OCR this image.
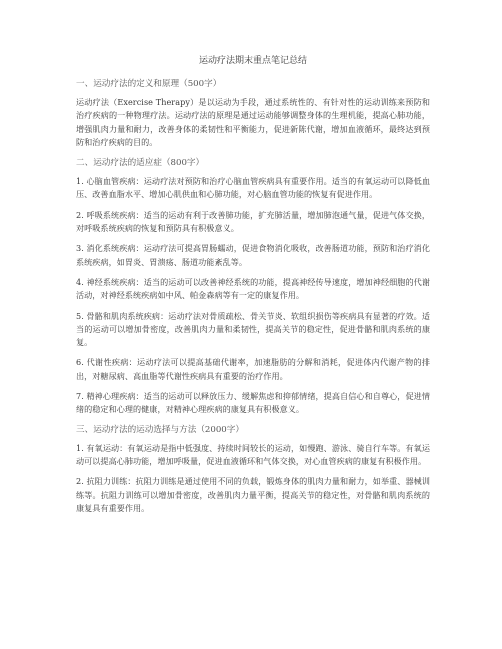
运动疗法期末重点笔记总结
一、运动疗法的定义和原理（500字）

运动疗法（Exercise Therapy）是以运动为手段，通过系统性的、有针对性的运动训练来预防和治疗疾病的一种物理疗法。运动疗法的原理是通过运动能够调整身体的生理机能，提高心肺功能，增强肌肉力量和耐力，改善身体的柔韧性和平衡能力，促进新陈代谢，增加血液循环，最终达到预防和治疗疾病的目的。

二、运动疗法的适应症（800字）

1. 心脑血管疾病：运动疗法对预防和治疗心脑血管疾病具有重要作用。适当的有氧运动可以降低血压、改善血脂水平、增加心肌供血和心肺功能，对心脑血管功能的恢复有促进作用。

2. 呼吸系统疾病：适当的运动有利于改善肺功能，扩充肺活量，增加肺泡通气量，促进气体交换，对呼吸系统疾病的恢复和预防具有积极意义。

3. 消化系统疾病：运动疗法可提高胃肠蠕动，促进食物消化吸收，改善肠道功能，预防和治疗消化系统疾病，如胃炎、胃溃疡、肠道功能紊乱等。

4. 神经系统疾病：适当的运动可以改善神经系统的功能，提高神经传导速度，增加神经细胞的代谢活动，对神经系统疾病如中风、帕金森病等有一定的康复作用。

5. 骨骼和肌肉系统疾病：运动疗法对骨质疏松、骨关节炎、软组织损伤等疾病具有显著的疗效。适当的运动可以增加骨密度，改善肌肉力量和柔韧性，提高关节的稳定性，促进骨骼和肌肉系统的康复。

6. 代谢性疾病：运动疗法可以提高基础代谢率，加速脂肪的分解和消耗，促进体内代谢产物的排出，对糖尿病、高血脂等代谢性疾病具有重要的治疗作用。

7. 精神心理疾病：适当的运动可以释放压力、缓解焦虑和抑郁情绪，提高自信心和自尊心，促进情绪的稳定和心理的健康，对精神心理疾病的康复具有积极意义。

三、运动疗法的运动选择与方法（2000字）

1. 有氧运动：有氧运动是指中低强度、持续时间较长的运动，如慢跑、游泳、骑自行车等。有氧运动可以提高心肺功能，增加呼吸量，促进血液循环和气体交换，对心血管疾病的康复有积极作用。

2. 抗阻力训练：抗阻力训练是通过使用不同的负载，锻炼身体的肌肉力量和耐力，如举重、器械训练等。抗阻力训练可以增加骨密度，改善肌肉力量平衡，提高关节的稳定性，对骨骼和肌肉系统的康复具有重要作用。
